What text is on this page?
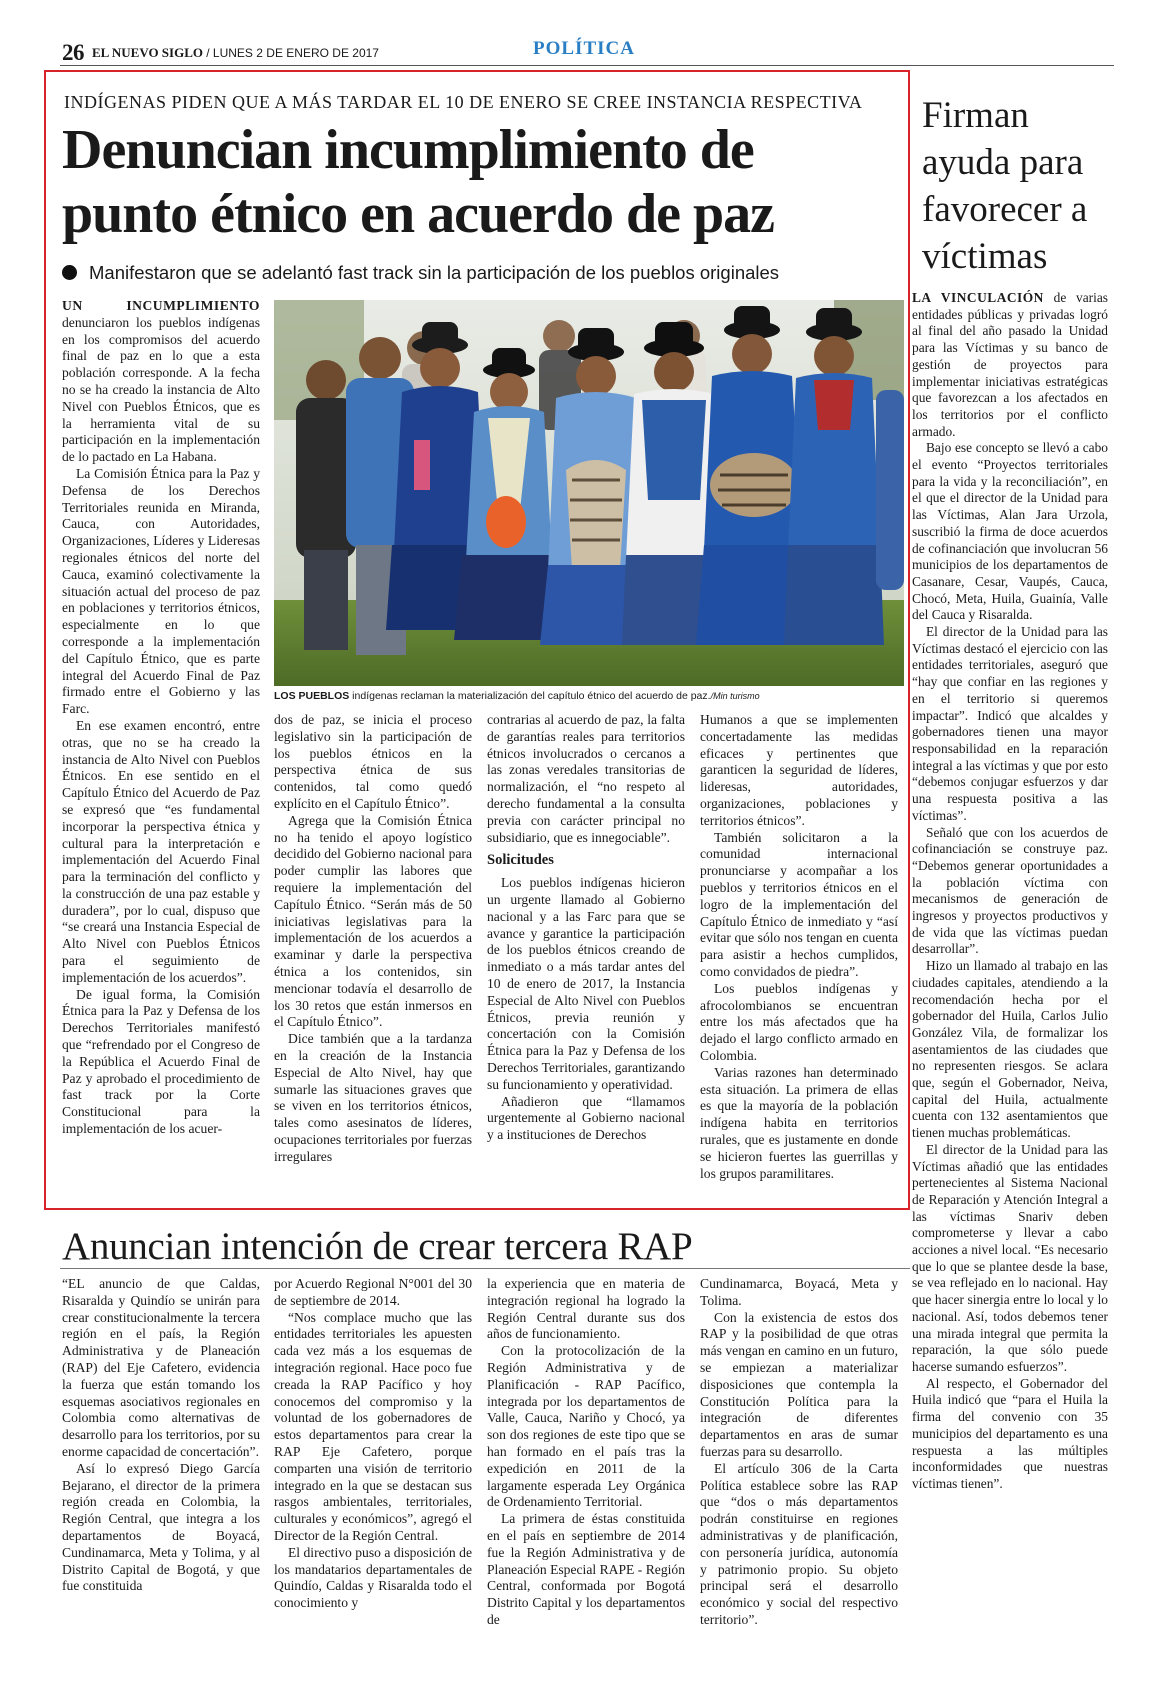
26 EL NUEVO SIGLO / LUNES 2 DE ENERO DE 2017	POLÍTICA
INDÍGENAS PIDEN QUE A MÁS TARDAR EL 10 DE ENERO SE CREE INSTANCIA RESPECTIVA
Denuncian incumplimiento de
punto étnico en acuerdo de paz
Manifestaron que se adelantó fast track sin la participación de los pueblos originales

UN INCUMPLIMIENTO denunciaron los pueblos indígenas en los compromisos del acuerdo final de paz en lo que a esta población corresponde. A la fecha no se ha creado la instancia de Alto Nivel con Pueblos Étnicos, que es la herramienta vital de su participación en la implementación de lo pactado en La Habana.

La Comisión Étnica para la Paz y Defensa de los Derechos Territoriales reunida en Miranda, Cauca, con Autoridades, Organizaciones, Líderes y Lideresas regionales étnicos del norte del Cauca, examinó colectivamente la situación actual del proceso de paz en poblaciones y territorios étnicos, especialmente en lo que corresponde a la implementación del Capítulo Étnico, que es parte integral del Acuerdo Final de Paz firmado entre el Gobierno y las Farc.

En ese examen encontró, entre otras, que no se ha creado la instancia de Alto Nivel con Pueblos Étnicos. En ese sentido en el Capítulo Étnico del Acuerdo de Paz se expresó que “es fundamental incorporar la perspectiva étnica y cultural para la interpretación e implementación del Acuerdo Final para la terminación del conflicto y la construcción de una paz estable y duradera”, por lo cual, dispuso que “se creará una Instancia Especial de Alto Nivel con Pueblos Étnicos para el seguimiento de implementación de los acuerdos”.

De igual forma, la Comisión Étnica para la Paz y Defensa de los Derechos Territoriales manifestó que “refrendado por el Congreso de la República el Acuerdo Final de Paz y aprobado el procedimiento de fast track por la Corte Constitucional para la implementación de los acuer-

LOS PUEBLOS indígenas reclaman la materialización del capítulo étnico del acuerdo de paz./Min turismo

dos de paz, se inicia el proceso legislativo sin la participación de los pueblos étnicos en la perspectiva étnica de sus contenidos, tal como quedó explícito en el Capítulo Étnico”.

Agrega que la Comisión Étnica no ha tenido el apoyo logístico decidido del Gobierno nacional para poder cumplir las labores que requiere la implementación del Capítulo Étnico. “Serán más de 50 iniciativas legislativas para la implementación de los acuerdos a examinar y darle la perspectiva étnica a los contenidos, sin mencionar todavía el desarrollo de los 30 retos que están inmersos en el Capítulo Étnico”.

Dice también que a la tardanza en la creación de la Instancia Especial de Alto Nivel, hay que sumarle las situaciones graves que se viven en los territorios étnicos, tales como asesinatos de líderes, ocupaciones territoriales por fuerzas irregulares

contrarias al acuerdo de paz, la falta de garantías reales para territorios étnicos involucrados o cercanos a las zonas veredales transitorias de normalización, el “no respeto al derecho fundamental a la consulta previa con carácter principal no subsidiario, que es innegociable”.

Solicitudes

Los pueblos indígenas hicieron un urgente llamado al Gobierno nacional y a las Farc para que se avance y garantice la participación de los pueblos étnicos creando de inmediato o a más tardar antes del 10 de enero de 2017, la Instancia Especial de Alto Nivel con Pueblos Étnicos, previa reunión y concertación con la Comisión Étnica para la Paz y Defensa de los Derechos Territoriales, garantizando su funcionamiento y operatividad.

Añadieron que “llamamos urgentemente al Gobierno nacional y a instituciones de Derechos

Humanos a que se implementen concertadamente las medidas eficaces y pertinentes que garanticen la seguridad de líderes, lideresas, autoridades, organizaciones, poblaciones y territorios étnicos”.

También solicitaron a la comunidad internacional pronunciarse y acompañar a los pueblos y territorios étnicos en el logro de la implementación del Capítulo Étnico de inmediato y “así evitar que sólo nos tengan en cuenta para asistir a hechos cumplidos, como convidados de piedra”.

Los pueblos indígenas y afrocolombianos se encuentran entre los más afectados que ha dejado el largo conflicto armado en Colombia.

Varias razones han determinado esta situación. La primera de ellas es que la mayoría de la población indígena habita en territorios rurales, que es justamente en donde se hicieron fuertes las guerrillas y los grupos paramilitares.

Firman ayuda para favorecer a víctimas

LA VINCULACIÓN de varias entidades públicas y privadas logró al final del año pasado la Unidad para las Víctimas y su banco de gestión de proyectos para implementar iniciativas estratégicas que favorezcan a los afectados en los territorios por el conflicto armado.

Bajo ese concepto se llevó a cabo el evento “Proyectos territoriales para la vida y la reconciliación”, en el que el director de la Unidad para las Víctimas, Alan Jara Urzola, suscribió la firma de doce acuerdos de cofinanciación que involucran 56 municipios de los departamentos de Casanare, Cesar, Vaupés, Cauca, Chocó, Meta, Huila, Guainía, Valle del Cauca y Risaralda.

El director de la Unidad para las Víctimas destacó el ejercicio con las entidades territoriales, aseguró que “hay que confiar en las regiones y en el territorio si queremos impactar”. Indicó que alcaldes y gobernadores tienen una mayor responsabilidad en la reparación integral a las víctimas y que por esto “debemos conjugar esfuerzos y dar una respuesta positiva a las víctimas”.

Señaló que con los acuerdos de cofinanciación se construye paz. “Debemos generar oportunidades a la población víctima con mecanismos de generación de ingresos y proyectos productivos y de vida que las víctimas puedan desarrollar”.

Hizo un llamado al trabajo en las ciudades capitales, atendiendo a la recomendación hecha por el gobernador del Huila, Carlos Julio González Vila, de formalizar los asentamientos de las ciudades que no representen riesgos. Se aclara que, según el Gobernador, Neiva, capital del Huila, actualmente cuenta con 132 asentamientos que tienen muchas problemáticas.

El director de la Unidad para las Víctimas añadió que las entidades pertenecientes al Sistema Nacional de Reparación y Atención Integral a las víctimas Snariv deben comprometerse y llevar a cabo acciones a nivel local. “Es necesario que lo que se plantee desde la base, se vea reflejado en lo nacional. Hay que hacer sinergia entre lo local y lo nacional. Así, todos debemos tener una mirada integral que permita la reparación, la que sólo puede hacerse sumando esfuerzos”.

Al respecto, el Gobernador del Huila indicó que “para el Huila la firma del convenio con 35 municipios del departamento es una respuesta a las múltiples inconformidades que nuestras víctimas tienen”.

Anuncian intención de crear tercera RAP

“EL anuncio de que Caldas, Risaralda y Quindío se unirán para crear constitucionalmente la tercera región en el país, la Región Administrativa y de Planeación (RAP) del Eje Cafetero, evidencia la fuerza que están tomando los esquemas asociativos regionales en Colombia como alternativas de desarrollo para los territorios, por su enorme capacidad de concertación”.

Así lo expresó Diego García Bejarano, el director de la primera región creada en Colombia, la Región Central, que integra a los departamentos de Boyacá, Cundinamarca, Meta y Tolima, y al Distrito Capital de Bogotá, y que fue constituida

por Acuerdo Regional N°001 del 30 de septiembre de 2014.

“Nos complace mucho que las entidades territoriales les apuesten cada vez más a los esquemas de integración regional. Hace poco fue creada la RAP Pacífico y hoy conocemos del compromiso y la voluntad de los gobernadores de estos departamentos para crear la RAP Eje Cafetero, porque comparten una visión de territorio integrado en la que se destacan sus rasgos ambientales, territoriales, culturales y económicos”, agregó el Director de la Región Central.

El directivo puso a disposición de los mandatarios departamentales de Quindío, Caldas y Risaralda todo el conocimiento y

la experiencia que en materia de integración regional ha logrado la Región Central durante sus dos años de funcionamiento.

Con la protocolización de la Región Administrativa y de Planificación - RAP Pacífico, integrada por los departamentos de Valle, Cauca, Nariño y Chocó, ya son dos regiones de este tipo que se han formado en el país tras la expedición en 2011 de la largamente esperada Ley Orgánica de Ordenamiento Territorial.

La primera de éstas constituida en el país en septiembre de 2014 fue la Región Administrativa y de Planeación Especial RAPE - Región Central, conformada por Bogotá Distrito Capital y los departamentos de

Cundinamarca, Boyacá, Meta y Tolima.

Con la existencia de estos dos RAP y la posibilidad de que otras más vengan en camino en un futuro, se empiezan a materializar disposiciones que contempla la Constitución Política para la integración de diferentes departamentos en aras de sumar fuerzas para su desarrollo.

El artículo 306 de la Carta Política establece sobre las RAP que “dos o más departamentos podrán constituirse en regiones administrativas y de planificación, con personería jurídica, autonomía y patrimonio propio. Su objeto principal será el desarrollo económico y social del respectivo territorio”.
